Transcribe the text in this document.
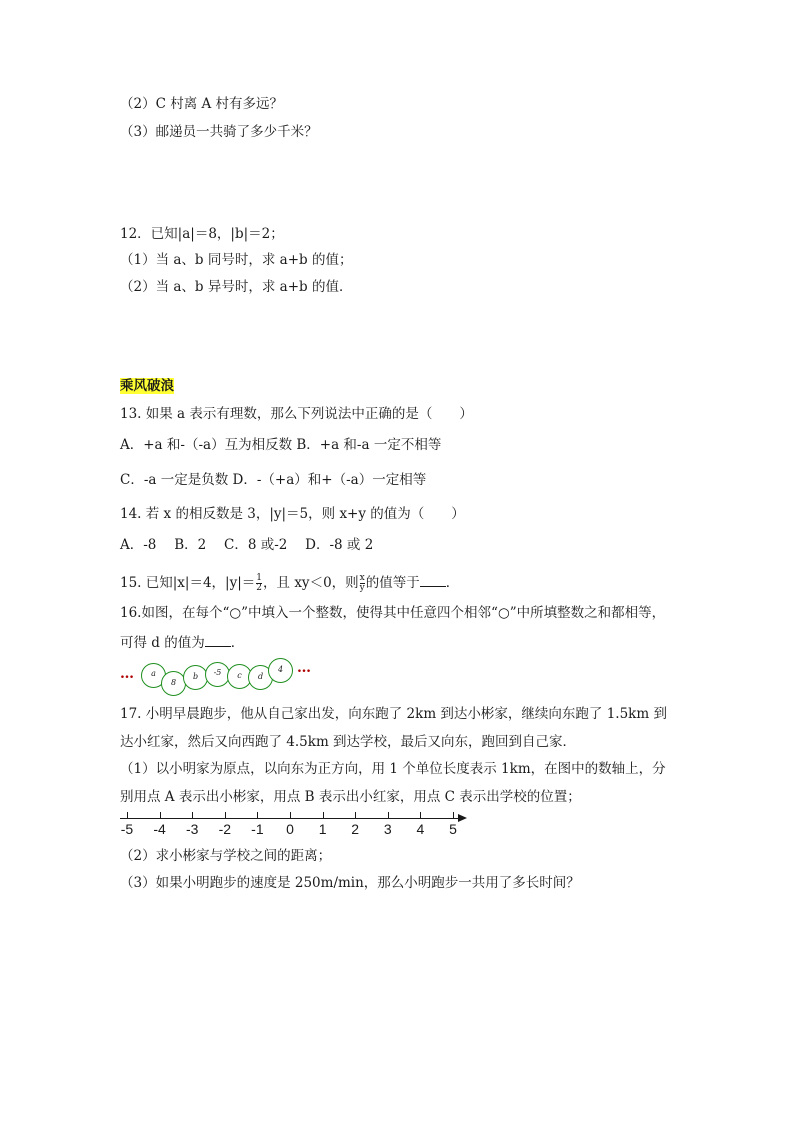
（2）C 村离 A 村有多远？
（3）邮递员一共骑了多少千米？
12．已知|a|＝8，|b|＝2；
（1）当 a、b 同号时，求 a+b 的值；
（2）当 a、b 异号时，求 a+b 的值．
乘风破浪
13. 如果 a 表示有理数，那么下列说法中正确的是（　　）
A．+a 和-（-a）互为相反数 B．+a 和-a 一定不相等
C．-a 一定是负数 D．-（+a）和+（-a）一定相等
14. 若 x 的相反数是 3，|y|＝5，则 x+y 的值为（　　）
A．-8　 B．2　 C．8 或-2　 D．-8 或 2
15. 已知|x|＝4，$|y|= \frac{1}{2}$ ，且 xy＜0，则 $\frac{x}{y}$ 的值等于 ．
16.如图，在每个“○”中填入一个整数，使得其中任意四个相邻“○”中所填整数之和都相等，
可得 d 的值为 ．
…	a
8
b	-5	c	d
4 …
17. 小明早晨跑步，他从自己家出发，向东跑了 2km 到达小彬家，继续向东跑了 1.5km 到
达小红家，然后又向西跑了 4.5km 到达学校，最后又向东，跑回到自己家．
（1）以小明家为原点，以向东为正方向，用 1 个单位长度表示 1km，在图中的数轴上，分
别用点 A 表示出小彬家，用点 B 表示出小红家，用点 C 表示出学校的位置；
-5	-4	-3	-2	-1	0	1	2	3	4	5
（2）求小彬家与学校之间的距离；
（3）如果小明跑步的速度是 250m/min，那么小明跑步一共用了多长时间？
